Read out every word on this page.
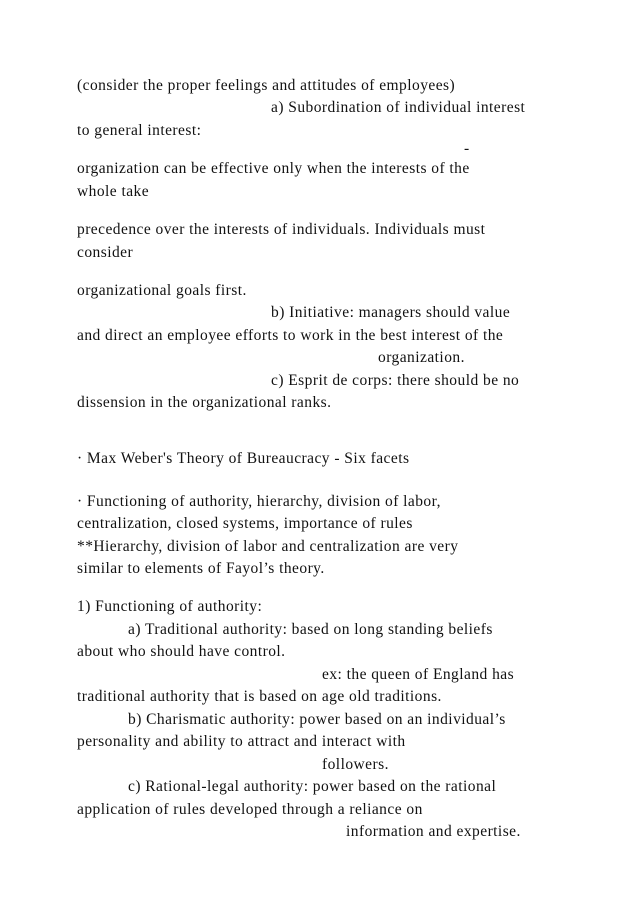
(consider the proper feelings and attitudes of employees)
a) Subordination of individual interest
to general interest:
-
organization can be effective only when the interests of the
whole take
precedence over the interests of individuals. Individuals must
consider
organizational goals first.
b) Initiative: managers should value
and direct an employee efforts to work in the best interest of the
organization.
c) Esprit de corps: there should be no
dissension in the organizational ranks.
· Max Weber's Theory of Bureaucracy - Six facets
· Functioning of authority, hierarchy, division of labor,
centralization, closed systems, importance of rules
**Hierarchy, division of labor and centralization are very
similar to elements of Fayol’s theory.
1) Functioning of authority:
a) Traditional authority: based on long standing beliefs
about who should have control.
ex: the queen of England has
traditional authority that is based on age old traditions.
b) Charismatic authority: power based on an individual’s
personality and ability to attract and interact with
followers.
c) Rational-legal authority: power based on the rational
application of rules developed through a reliance on
information and expertise.
